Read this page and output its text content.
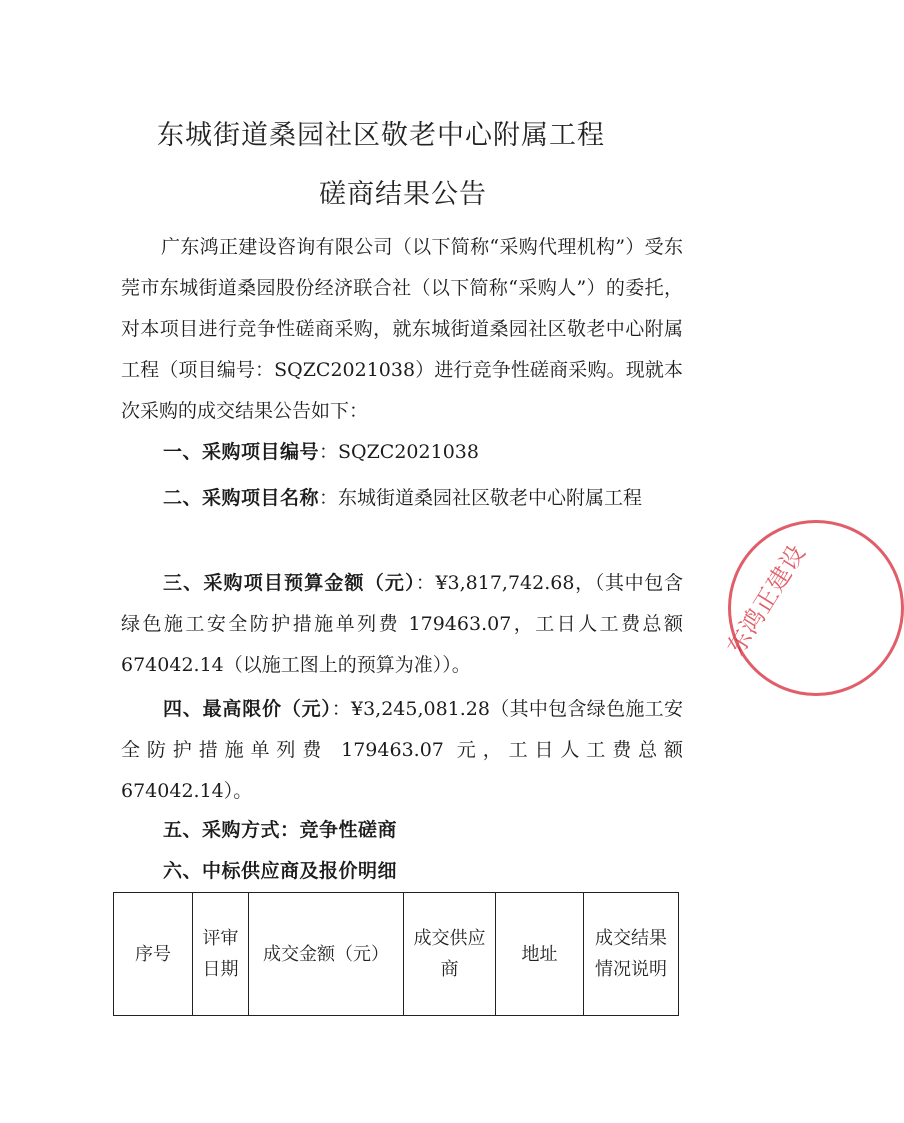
东城街道桑园社区敬老中心附属工程
磋商结果公告

广东鸿正建设咨询有限公司（以下简称“采购代理机构”）受东莞市东城街道桑园股份经济联合社（以下简称“采购人”）的委托，对本项目进行竞争性磋商采购，就东城街道桑园社区敬老中心附属工程（项目编号：SQZC2021038）进行竞争性磋商采购。现就本次采购的成交结果公告如下：

一、采购项目编号：SQZC2021038

二、采购项目名称：东城街道桑园社区敬老中心附属工程

三、采购项目预算金额（元）：¥3,817,742.68，（其中包含绿色施工安全防护措施单列费 179463.07，工日人工费总额 674042.14（以施工图上的预算为准））。

四、最高限价（元）：¥3,245,081.28（其中包含绿色施工安全防护措施单列费 179463.07 元，工日人工费总额 674042.14）。

五、采购方式：竞争性磋商

六、中标供应商及报价明细

序号	评审日期	成交金额（元）	成交供应商	地址	成交结果情况说明
东鸿正建设
